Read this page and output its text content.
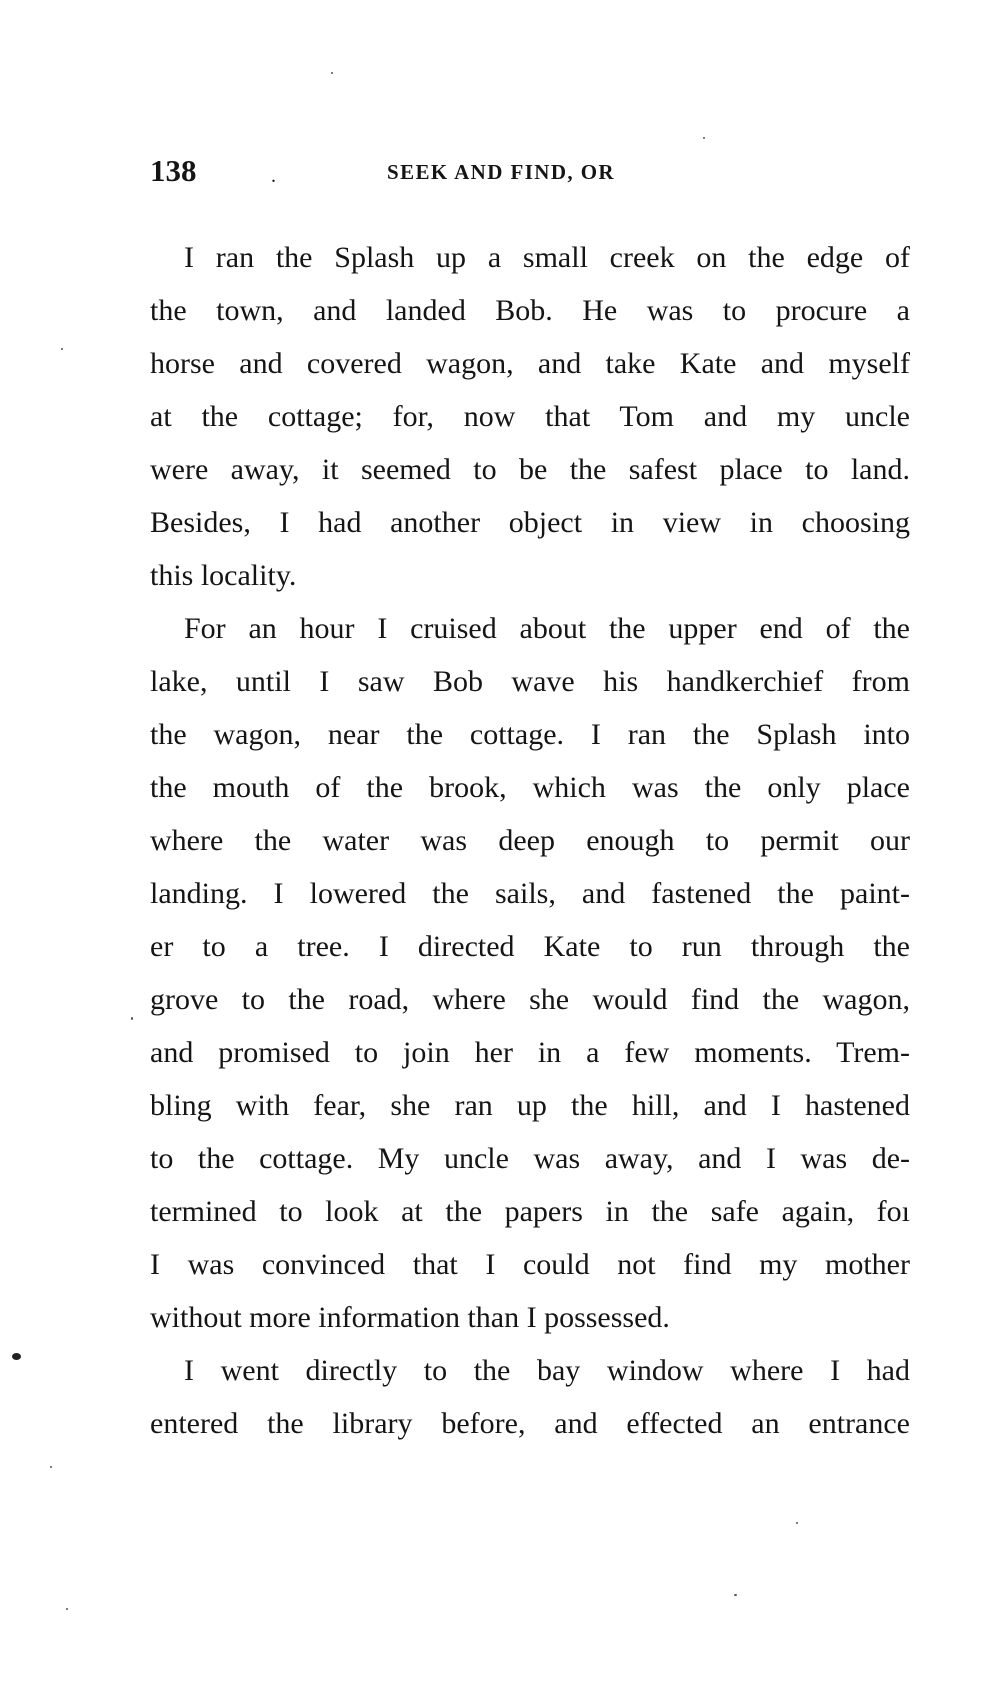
138	.	SEEK AND FIND, OR
I ran the Splash up a small creek on the edge of
the town, and landed Bob. He was to procure a
horse and covered wagon, and take Kate and myself
at the cottage; for, now that Tom and my uncle
were away, it seemed to be the safest place to land.
Besides, I had another object in view in choosing
this locality.
For an hour I cruised about the upper end of the
lake, until I saw Bob wave his handkerchief from
the wagon, near the cottage. I ran the Splash into
the mouth of the brook, which was the only place
where the water was deep enough to permit our
landing. I lowered the sails, and fastened the paint-
er to a tree. I directed Kate to run through the
grove to the road, where she would find the wagon,
and promised to join her in a few moments. Trem-
bling with fear, she ran up the hill, and I hastened
to the cottage. My uncle was away, and I was de-
termined to look at the papers in the safe again, foı
I was convinced that I could not find my mother
without more information than I possessed.
I went directly to the bay window where I had
entered the library before, and effected an entrance
